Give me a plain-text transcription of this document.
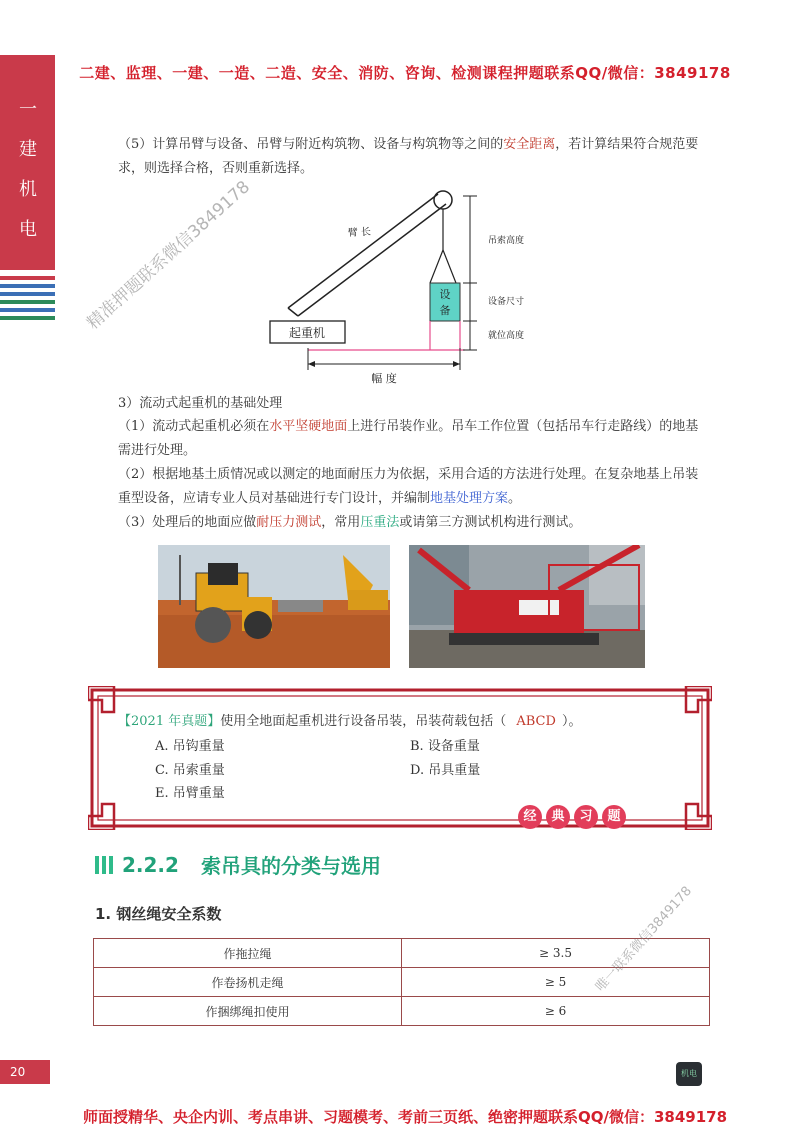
二建、监理、一建、一造、二造、安全、消防、咨询、检测课程押题联系QQ/微信：3849178
一
建
机
电
（5）计算吊臂与设备、吊臂与附近构筑物、设备与构筑物等之间的安全距离，若计算结果符合规范要求，则选择合格，否则重新选择。
设
备
起重机
臂 长
幅 度
吊索高度
设备尺寸
就位高度
精准押题联系微信3849178
3）流动式起重机的基础处理
（1）流动式起重机必须在水平坚硬地面上进行吊装作业。吊车工作位置（包括吊车行走路线）的地基需进行处理。
（2）根据地基土质情况或以测定的地面耐压力为依据，采用合适的方法进行处理。在复杂地基上吊装重型设备，应请专业人员对基础进行专门设计，并编制地基处理方案。
（3）处理后的地面应做耐压力测试，常用压重法或请第三方测试机构进行测试。
【2021 年真题】使用全地面起重机进行设备吊装，吊装荷载包括（ ABCD ）。
A. 吊钩重量	B. 设备重量
C. 吊索重量	D. 吊具重量
E. 吊臂重量
经 典 习 题
2.2.2 索吊具的分类与选用
1. 钢丝绳安全系数
作拖拉绳	≥ 3.5
作卷扬机走绳	≥ 5
作捆绑绳扣使用	≥ 6
唯一联系微信3849178
20	机电
师面授精华、央企内训、考点串讲、习题模考、考前三页纸、绝密押题联系QQ/微信：3849178
